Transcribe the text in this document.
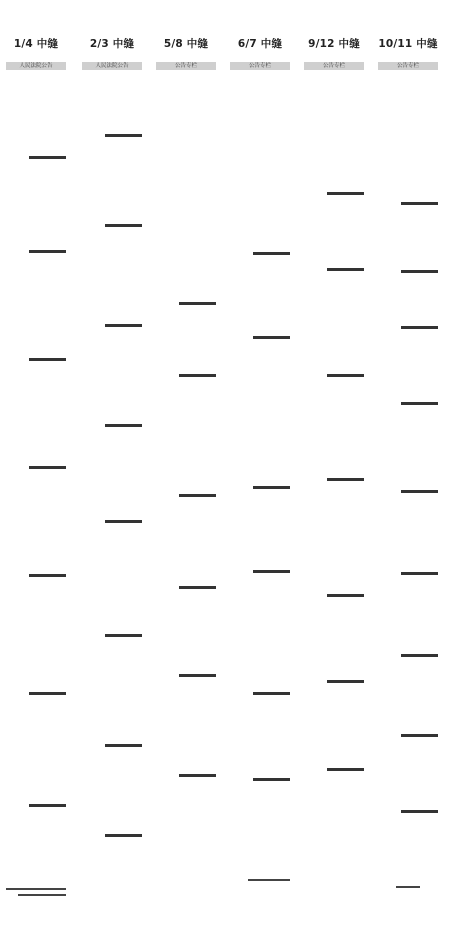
1/4 中缝
人民法院公告
2/3 中缝
人民法院公告
5/8 中缝
公告专栏
6/7 中缝
公告专栏
9/12 中缝
公告专栏
10/11 中缝
公告专栏
